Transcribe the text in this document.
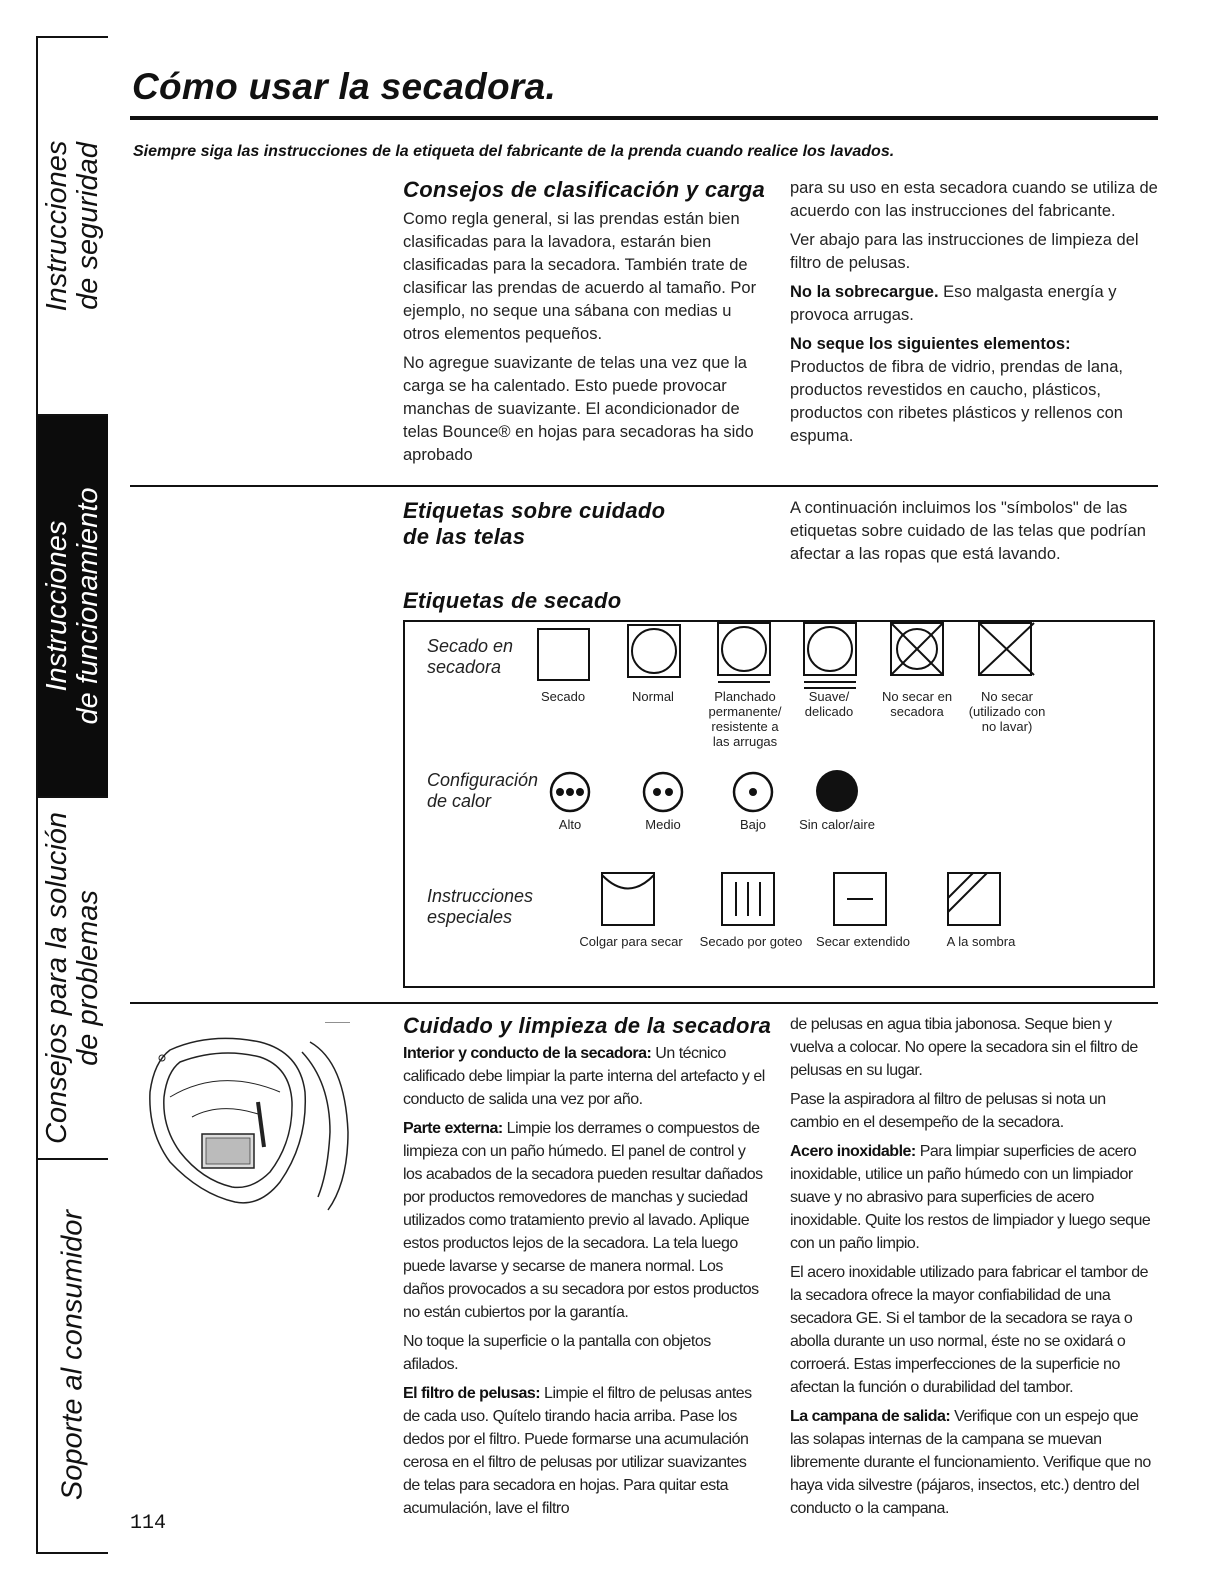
Instrucciones de seguridad
Instrucciones de funcionamiento
Consejos para la solución de problemas
Soporte al consumidor
Cómo usar la secadora.
Siempre siga las instrucciones de la etiqueta del fabricante de la prenda cuando realice los lavados.
Consejos de clasificación y carga

Como regla general, si las prendas están bien clasificadas para la lavadora, estarán bien clasificadas para la secadora. También trate de clasificar las prendas de acuerdo al tamaño. Por ejemplo, no seque una sábana con medias u otros elementos pequeños.

No agregue suavizante de telas una vez que la carga se ha calentado. Esto puede provocar manchas de suavizante. El acondicionador de telas Bounce® en hojas para secadoras ha sido aprobado

para su uso en esta secadora cuando se utiliza de acuerdo con las instrucciones del fabricante.

Ver abajo para las instrucciones de limpieza del filtro de pelusas.

No la sobrecargue. Eso malgasta energía y provoca arrugas.

No seque los siguientes elementos:
Productos de fibra de vidrio, prendas de lana, productos revestidos en caucho, plásticos, productos con ribetes plásticos y rellenos con espuma.

Etiquetas sobre cuidado
de las telas
A continuación incluimos los "símbolos" de las etiquetas sobre cuidado de las telas que podrían afectar a las ropas que está lavando.
Etiquetas de secado
Secado en
secadora
Secado	Normal	Planchado
permanente/
resistente a
las arrugas
Suave/
delicado
No secar en
secadora
No secar
(utilizado con
no lavar)
Configuración
de calor
Alto	Medio	Bajo	Sin calor/aire
Instrucciones
especiales
Colgar para secar Secado por goteo Secar extendido	A la sombra
Cuidado y limpieza de la secadora

Interior y conducto de la secadora: Un técnico calificado debe limpiar la parte interna del artefacto y el conducto de salida una vez por año.

Parte externa: Limpie los derrames o compuestos de limpieza con un paño húmedo. El panel de control y los acabados de la secadora pueden resultar dañados por productos removedores de manchas y suciedad utilizados como tratamiento previo al lavado. Aplique estos productos lejos de la secadora. La tela luego puede lavarse y secarse de manera normal. Los daños provocados a su secadora por estos productos no están cubiertos por la garantía.

No toque la superficie o la pantalla con objetos afilados.

El filtro de pelusas: Limpie el filtro de pelusas antes de cada uso. Quítelo tirando hacia arriba. Pase los dedos por el filtro. Puede formarse una acumulación cerosa en el filtro de pelusas por utilizar suavizantes de telas para secadora en hojas. Para quitar esta acumulación, lave el filtro

de pelusas en agua tibia jabonosa. Seque bien y vuelva a colocar. No opere la secadora sin el filtro de pelusas en su lugar.

Pase la aspiradora al filtro de pelusas si nota un cambio en el desempeño de la secadora.

Acero inoxidable: Para limpiar superficies de acero inoxidable, utilice un paño húmedo con un limpiador suave y no abrasivo para superficies de acero inoxidable. Quite los restos de limpiador y luego seque con un paño limpio.

El acero inoxidable utilizado para fabricar el tambor de la secadora ofrece la mayor confiabilidad de una secadora GE. Si el tambor de la secadora se raya o abolla durante un uso normal, éste no se oxidará o corroerá. Estas imperfecciones de la superficie no afectan la función o durabilidad del tambor.

La campana de salida: Verifique con un espejo que las solapas internas de la campana se muevan libremente durante el funcionamiento. Verifique que no haya vida silvestre (pájaros, insectos, etc.) dentro del conducto o la campana.

114
